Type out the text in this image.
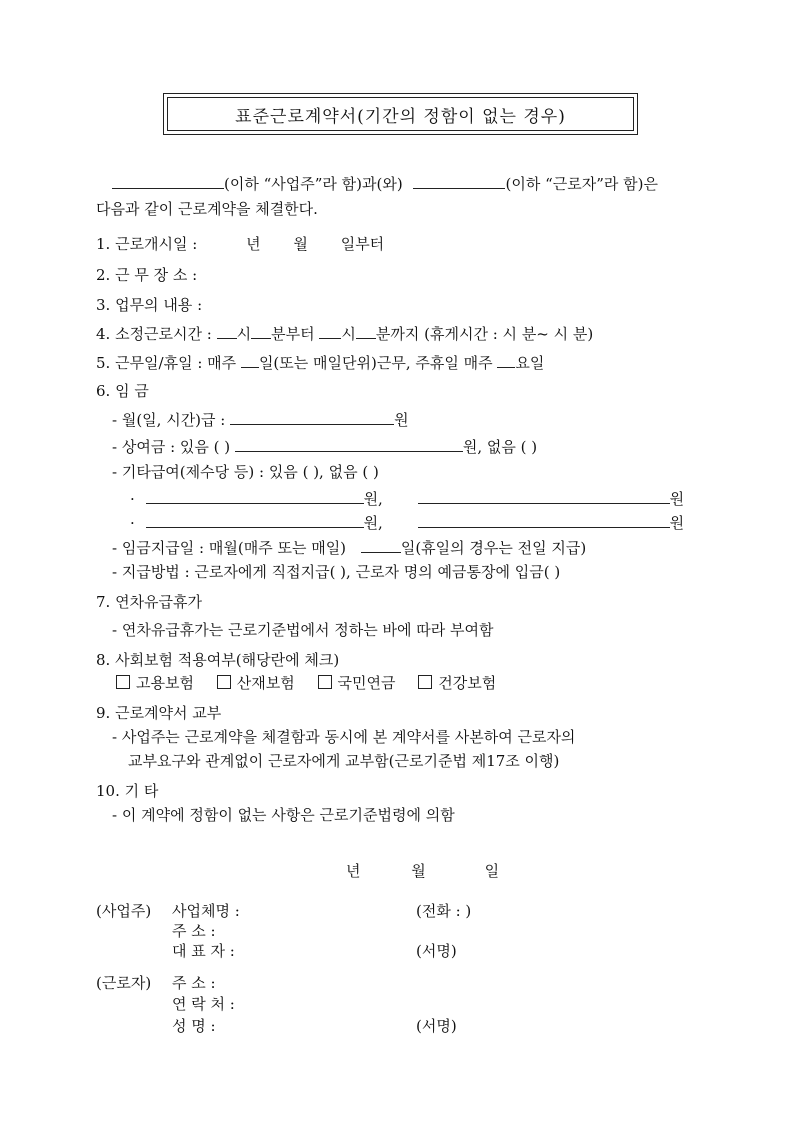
표준근로계약서(기간의 정함이 없는 경우)
(이하 “사업주”라 함)과(와)	(이하 “근로자”라 함)은
다음과 같이 근로계약을 체결한다.
1. 근로개시일 :	년 월 일부터
2. 근 무 장 소 :
3. 업무의 내용 :
4. 소정근로시간 : 시 분부터 시 분까지 (휴게시간 : 시 분~ 시 분)
5. 근무일/휴일 : 매주 일(또는 매일단위)근무, 주휴일 매주 요일
6. 임 금
- 월(일, 시간)급 :	원
- 상여금 : 있음 ( )	원, 없음 ( )
- 기타급여(제수당 등) : 있음 ( ), 없음 ( )
·	원,	원
·	원,	원
- 임금지급일 : 매월(매주 또는 매일)	일(휴일의 경우는 전일 지급)
- 지급방법 : 근로자에게 직접지급( ), 근로자 명의 예금통장에 입금( )
7. 연차유급휴가
- 연차유급휴가는 근로기준법에서 정하는 바에 따라 부여함
8. 사회보험 적용여부(해당란에 체크)
고용보험	산재보험	국민연금	건강보험
9. 근로계약서 교부
- 사업주는 근로계약을 체결함과 동시에 본 계약서를 사본하여 근로자의
교부요구와 관계없이 근로자에게 교부함(근로기준법 제17조 이행)
10. 기 타
- 이 계약에 정함이 없는 사항은 근로기준법령에 의함
년	월	일
(사업주) 사업체명 :	(전화 : )
주 소 :
대 표 자 :	(서명)
(근로자) 주 소 :
연 락 처 :
성 명 :	(서명)
